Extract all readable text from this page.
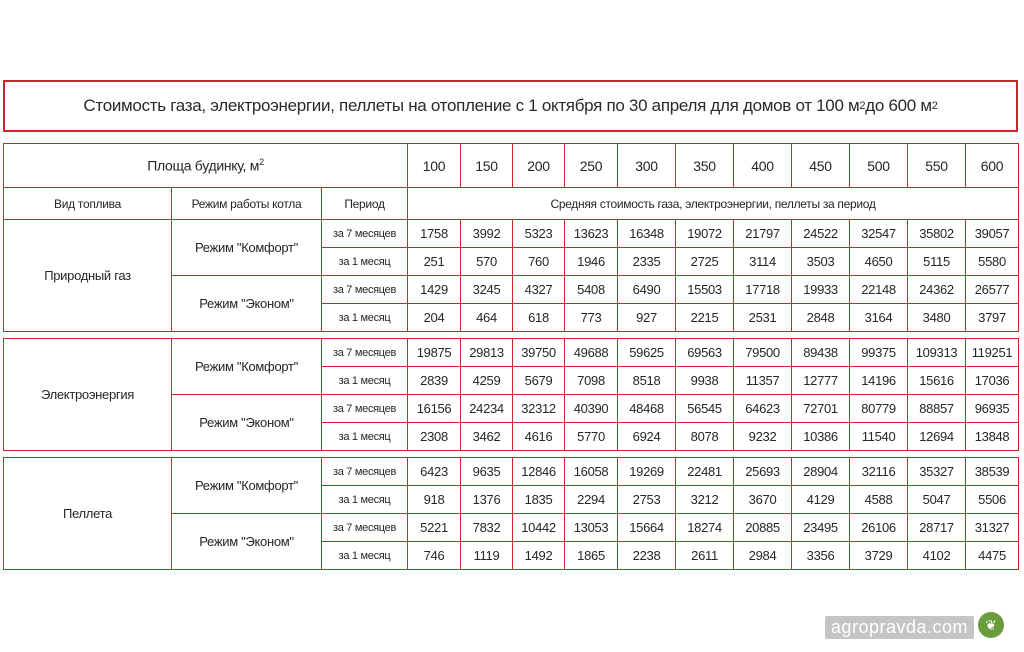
Стоимость газа, электроэнергии, пеллеты на отопление с 1 октября по 30 апреля для домов от 100 м 2 до 600 м 2
Площа будинку, $м^2$			100	150	200	250	300	350	400	450	500	550	600
Вид топлива	Режим работы котла	Период	Средняя стоимость газа, электроэнергии, пеллеты за период										
Природный газ	Режим "Комфорт"	за 7 месяцев	1758	3992	5323	13623	16348	19072	21797	24522	32547	35802	39057
		за 1 месяц	251	570	760	1946	2335	2725	3114	3503	4650	5115	5580
	Режим "Эконом"	за 7 месяцев	1429	3245	4327	5408	6490	15503	17718	19933	22148	24362	26577
		за 1 месяц	204	464	618	773	927	2215	2531	2848	3164	3480	3797

Электроэнергия	Режим "Комфорт"	за 7 месяцев	19875	29813	39750	49688	59625	69563	79500	89438	99375	109313	119251
		за 1 месяц	2839	4259	5679	7098	8518	9938	11357	12777	14196	15616	17036
	Режим "Эконом"	за 7 месяцев	16156	24234	32312	40390	48468	56545	64623	72701	80779	88857	96935
		за 1 месяц	2308	3462	4616	5770	6924	8078	9232	10386	11540	12694	13848

Пеллета	Режим "Комфорт"	за 7 месяцев	6423	9635	12846	16058	19269	22481	25693	28904	32116	35327	38539
		за 1 месяц	918	1376	1835	2294	2753	3212	3670	4129	4588	5047	5506
	Режим "Эконом"	за 7 месяцев	5221	7832	10442	13053	15664	18274	20885	23495	26106	28717	31327
		за 1 месяц	746	1119	1492	1865	2238	2611	2984	3356	3729	4102	4475
agropravda.com	❦
